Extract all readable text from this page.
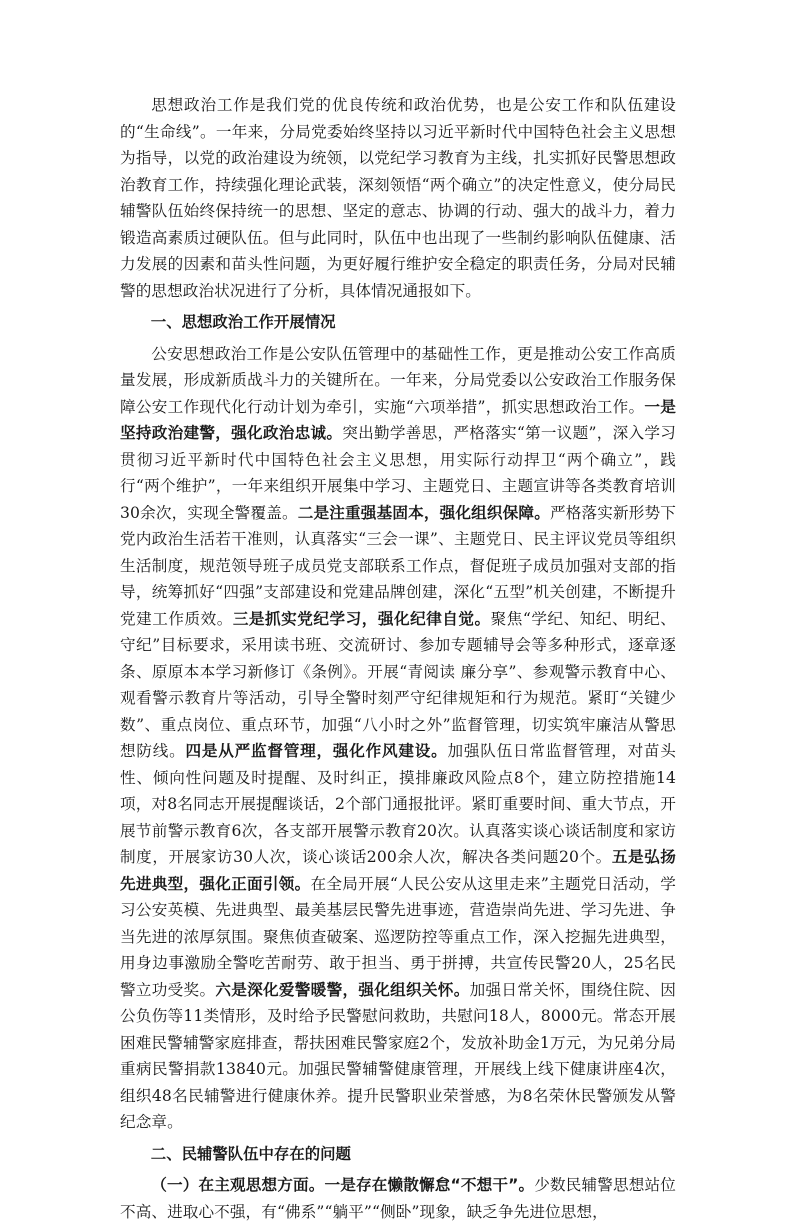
思想政治工作是我们党的优良传统和政治优势，也是公安工作和队伍建设的“生命线”。一年来，分局党委始终坚持以习近平新时代中国特色社会主义思想为指导，以党的政治建设为统领，以党纪学习教育为主线，扎实抓好民警思想政治教育工作，持续强化理论武装，深刻领悟“两个确立”的决定性意义，使分局民辅警队伍始终保持统一的思想、坚定的意志、协调的行动、强大的战斗力，着力锻造高素质过硬队伍。但与此同时，队伍中也出现了一些制约影响队伍健康、活力发展的因素和苗头性问题，为更好履行维护安全稳定的职责任务，分局对民辅警的思想政治状况进行了分析，具体情况通报如下。

一、思想政治工作开展情况

公安思想政治工作是公安队伍管理中的基础性工作，更是推动公安工作高质量发展，形成新质战斗力的关键所在。一年来，分局党委以公安政治工作服务保障公安工作现代化行动计划为牵引，实施“六项举措”，抓实思想政治工作。一是坚持政治建警，强化政治忠诚。突出勤学善思，严格落实“第一议题”，深入学习贯彻习近平新时代中国特色社会主义思想，用实际行动捍卫“两个确立”，践行“两个维护”，一年来组织开展集中学习、主题党日、主题宣讲等各类教育培训30余次，实现全警覆盖。二是注重强基固本，强化组织保障。严格落实新形势下党内政治生活若干准则，认真落实“三会一课”、主题党日、民主评议党员等组织生活制度，规范领导班子成员党支部联系工作点，督促班子成员加强对支部的指导，统筹抓好“四强”支部建设和党建品牌创建，深化“五型”机关创建，不断提升党建工作质效。三是抓实党纪学习，强化纪律自觉。聚焦“学纪、知纪、明纪、守纪”目标要求，采用读书班、交流研讨、参加专题辅导会等多种形式，逐章逐条、原原本本学习新修订《条例》。开展“青阅读 廉分享”、参观警示教育中心、观看警示教育片等活动，引导全警时刻严守纪律规矩和行为规范。紧盯“关键少数”、重点岗位、重点环节，加强“八小时之外”监督管理，切实筑牢廉洁从警思想防线。四是从严监督管理，强化作风建设。加强队伍日常监督管理，对苗头性、倾向性问题及时提醒、及时纠正，摸排廉政风险点8个，建立防控措施14项，对8名同志开展提醒谈话，2个部门通报批评。紧盯重要时间、重大节点，开展节前警示教育6次，各支部开展警示教育20次。认真落实谈心谈话制度和家访制度，开展家访30人次，谈心谈话200余人次，解决各类问题20个。五是弘扬先进典型，强化正面引领。在全局开展“人民公安从这里走来”主题党日活动，学习公安英模、先进典型、最美基层民警先进事迹，营造崇尚先进、学习先进、争当先进的浓厚氛围。聚焦侦查破案、巡逻防控等重点工作，深入挖掘先进典型，用身边事激励全警吃苦耐劳、敢于担当、勇于拼搏，共宣传民警20人，25名民警立功受奖。六是深化爱警暖警，强化组织关怀。加强日常关怀，围绕住院、因公负伤等11类情形，及时给予民警慰问救助，共慰问18人，8000元。常态开展困难民警辅警家庭排查，帮扶困难民警家庭2个，发放补助金1万元，为兄弟分局重病民警捐款13840元。加强民警辅警健康管理，开展线上线下健康讲座4次，组织48名民辅警进行健康休养。提升民警职业荣誉感，为8名荣休民警颁发从警纪念章。

二、民辅警队伍中存在的问题

（一）在主观思想方面。一是存在懒散懈怠“不想干”。少数民辅警思想站位不高、进取心不强，有“佛系”“躺平”“侧卧”现象，缺乏争先进位思想，
